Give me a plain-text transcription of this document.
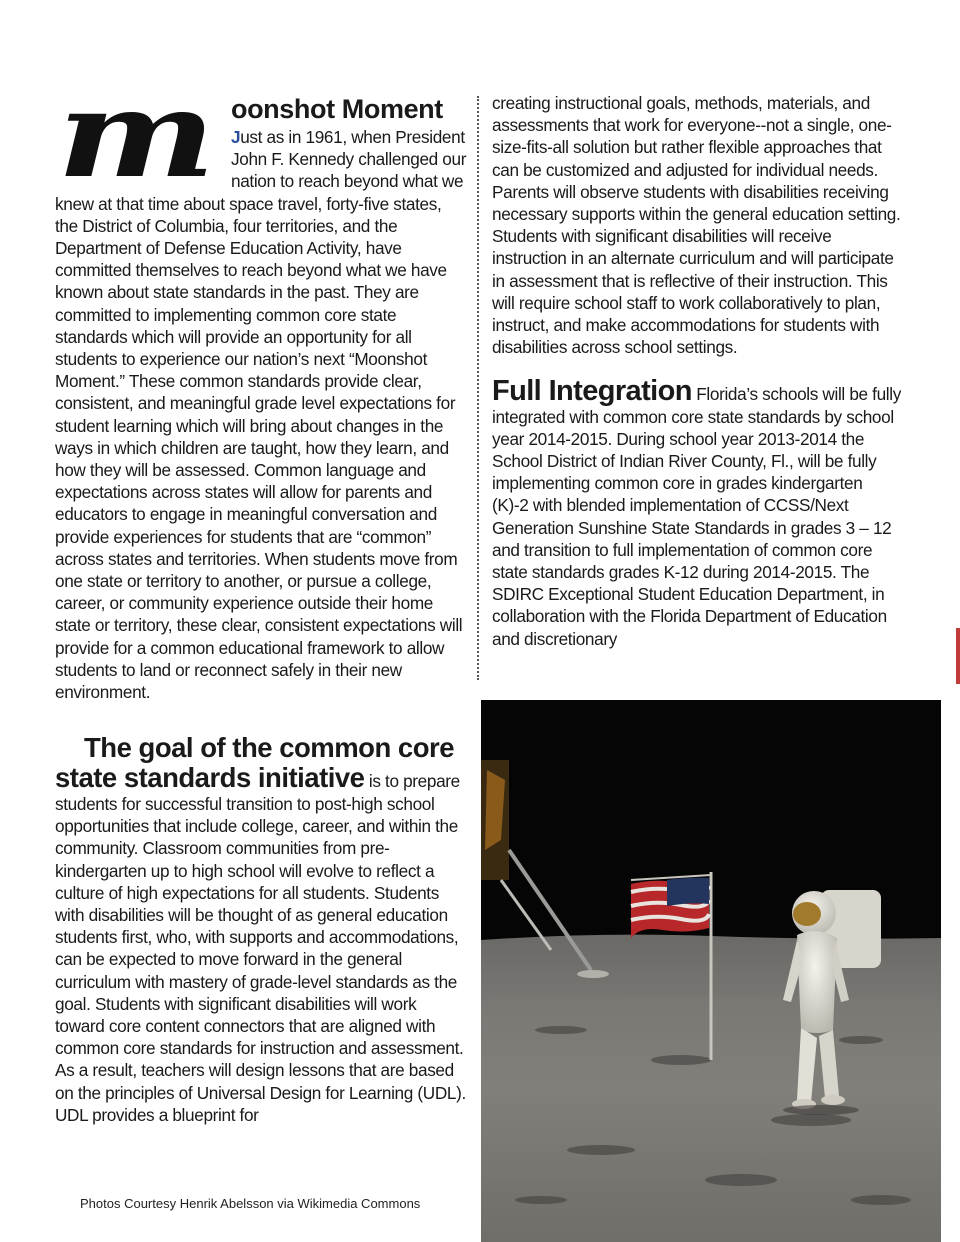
m oonshot Moment

Just as in 1961, when President John F. Kennedy challenged our nation to reach beyond what we knew at that time about space travel, forty-five states, the District of Columbia, four territories, and the Department of Defense Education Activity, have committed themselves to reach beyond what we have known about state standards in the past. They are committed to implementing common core state standards which will provide an opportunity for all students to experience our nation’s next “Moonshot Moment.” These common standards provide clear, consistent, and meaningful grade level expectations for student learning which will bring about changes in the ways in which children are taught, how they learn, and how they will be assessed. Common language and expectations across states will allow for parents and educators to engage in meaningful conversation and provide experiences for students that are “common” across states and territories. When students move from one state or territory to another, or pursue a college, career, or community experience outside their home state or territory, these clear, consistent expectations will provide for a common educational framework to allow students to land or reconnect safely in their new environment.

The goal of the common core

state standards initiative is to prepare students for successful transition to post-high school opportunities that include college, career, and within the community. Classroom communities from pre-kindergarten up to high school will evolve to reflect a culture of high expectations for all students. Students with disabilities will be thought of as general education students first, who, with supports and accommodations, can be expected to move forward in the general curriculum with mastery of grade-level standards as the goal. Students with significant disabilities will work toward core content connectors that are aligned with common core standards for instruction and assessment. As a result, teachers will design lessons that are based on the principles of Universal Design for Learning (UDL). UDL provides a blueprint for

creating instructional goals, methods, materials, and assessments that work for everyone--not a single, one-size-fits-all solution but rather flexible approaches that can be customized and adjusted for individual needs. Parents will observe students with disabilities receiving necessary supports within the general education setting. Students with significant disabilities will receive instruction in an alternate curriculum and will participate in assessment that is reflective of their instruction. This will require school staff to work collaboratively to plan, instruct, and make accommodations for students with disabilities across school settings.

Full Integration Florida’s schools will be fully integrated with common core state standards by school year 2014-2015. During school year 2013-2014 the School District of Indian River County, Fl., will be fully implementing common core in grades kindergarten (K)-2 with blended implementation of CCSS/Next Generation Sunshine State Standards in grades 3 – 12 and transition to full implementation of common core state standards grades K-12 during 2014-2015. The SDIRC Exceptional Student Education Department, in collaboration with the Florida Department of Education and discretionary

Photos Courtesy Henrik Abelsson via Wikimedia Commons
